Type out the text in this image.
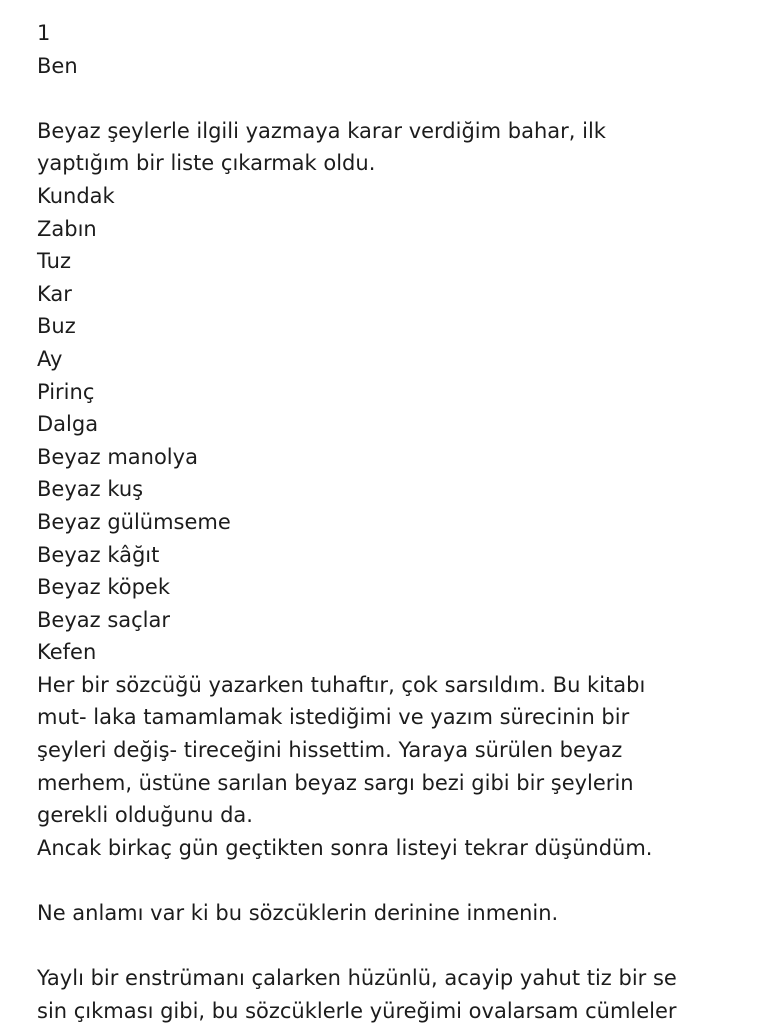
1
Ben
Beyaz şeylerle ilgili yazmaya karar verdiğim bahar, ilk
yaptığım bir liste çıkarmak oldu.
Kundak
Zabın
Tuz
Kar
Buz
Ay
Pirinç
Dalga
Beyaz manolya
Beyaz kuş
Beyaz gülümseme
Beyaz kâğıt
Beyaz köpek
Beyaz saçlar
Kefen
Her bir sözcüğü yazarken tuhaftır, çok sarsıldım. Bu kitabı
mut- laka tamamlamak istediğimi ve yazım sürecinin bir
şeyleri değiş- tireceğini hissettim. Yaraya sürülen beyaz
merhem, üstüne sarılan beyaz sargı bezi gibi bir şeylerin
gerekli olduğunu da.
Ancak birkaç gün geçtikten sonra listeyi tekrar düşündüm.
Ne anlamı var ki bu sözcüklerin derinine inmenin.
Yaylı bir enstrümanı çalarken hüzünlü, acayip yahut tiz bir se
sin çıkması gibi, bu sözcüklerle yüreğimi ovalarsam cümleler
